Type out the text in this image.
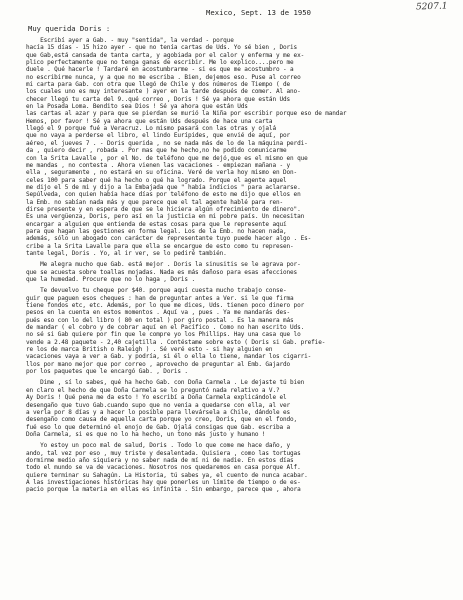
5207.1
Mexico, Sept. 13 de 1950
Muy querida Doris :
Escribí ayer a Gab. - muy "sentida", la verdad - porque
hacía 15 días - 15 hizo ayer - que no tenía cartas de Uds. Yo sé bien , Doris
que Gab,está cansada de tanta carta, y agobiada por el calor y enferma y me ex-
plico perfectamente que no tenga ganas de escribir. Me lo explico....pero me
duele . Qué hacerle ! Tardaré en acostumbrarme - si es que me acostumbro - a
no escribirme nunca, y a que no me escriba . Bien, dejemos eso. Puse al correo
mi carta para Gab. con otra que llegó de Chile y dos números de Tiempo ( de
los cuales uno es muy interesante ) ayer en la tarde después de comer. Al ano-
checer llegó tu carta del 9..qué correo , Doris ! Sé ya ahora que están Uds
en la Posada Loma. Bendito sea Dios ! Sé ya ahora que están Uds
las cartas al azar y para que se pierdan se murió la Niña por escribir porque eso de mandar
Hemos, por favor ! Sé ya ahora que están Uds después de hace una carta
llegó el 9 porque fué a Veracruz. Lo mismo pasará con las otras y ojalá
que no vaya a perderse el libro, el lindo Eurípides, que envié de aquí, por
aéreo, el jueves 7 . - Doris querida , no se nada más de lo de la máquina perdi-
da , quiero decir , robada . Por mas que he hecho,no he podido comunicarme
con la Srita Lavalle , por el No. de teléfono que me dejó,que es el mismo en que
me mandas , no contesta . Ahora vienen las vacaciones - empiezan mañana - y
ella , seguramente , no estará en su oficina. Veré de verla hoy mismo en Don-
celes 100 para saber qué ha hecho o qué ha logrado. Porque el agente aquel
me dijo el 5 de mi y dijo a la Embajada que " había indicios " para aclararse.
Sepúlveda, con quien había hace días por teléfono de esto me dijo que ellos en
la Emb. no sabían nada más y que parece que el tal agente hablé para ren-
dirse presente y en espera de que se le hiciera algún ofrecimiento de dinero".
Es una vergüenza, Doris, pero así en la justicia en mi pobre país. Un necesitan
encargar a alguien que entienda de estas cosas para que le represente aquí
para que hagan las gestiones en forma legal. Los de la Emb. no hacen nada,
además, sólo un abogado con carácter de representante tuyo puede hacer algo . Es-
cribe a la Srita Lavalle para que ella se encargue de esto como tu represen-
tante legal, Doris . Yo, al ir ver, se lo pediré también.
Me alegra mucho que Gab. está mejor . Doris la sinusitis se le agrava por-
que se acuesta sobre toallas mojadas. Nada es más dañoso para esas afecciones
que la humedad. Procure que no lo haga , Doris .
Te devuelvo tu cheque por $40. porque aquí cuesta mucho trabajo conse-
guir que paguen esos cheques : han de preguntar antes a Ver. si le que firma
tiene fondos etc, etc. Además, por lo que me dices, Uds. tienen poco dinero por
pesos en la cuenta en estos momentos . Aquí va , pues . Ya me mandarás des-
pués eso con lo del libro ( 80 en total ) por giro postal . Es la manera más
de mandar ( el cobro y de cobrar aquí en el Pacífico . Como no han escrito Uds.
no sé si Gab quiere por fin que le compre yo los Phillips. Hay una casa que lo
vende a 2.48 paquete - 2,40 cajetilla . Contéstame sobre esto ( Doris si Gab. prefie-
re los de marca British o Raleigh ) . Sé veré esto - si hay alguien en
vacaciones vaya a ver a Gab. y podría, si él o ella lo tiene, mandar los cigarri-
llos por mano mejor que por correo , aprovecho de preguntar al Emb. Gajardo
por los paquetes que le encargó Gab. , Doris .
Dime , sí lo sabes, qué ha hecho Gab. con Doña Carmela . Le dejaste tú bien
en claro el hecho de que Doña Carmela se lo preguntó nada relativo a V.?
Ay Doris ! Qué pena me da esto ! Yo escribí a Doña Carmela explicándole el
desengaño que tuvo Gab.cuando supo que no venía a quedarse con ella, al ver
a verla por 8 días y a hacer lo posible para llevársela a Chile, dándole es
desengaño como causa de aquella carta porque yo creo, Doris, que en el fondo,
fué eso lo que determinó el enojo de Gab. Ojalá consigas que Gab. escriba a
Doña Carmela, si es que no lo ha hecho, un tono más justo y humano !
Yo estoy un poco mal de salud, Doris . Todo lo que come me hace daño, y
ando, tal vez por eso , muy triste y desalentada. Quisiera , como las tortugas
dormirme medio año siquiera y no saber nada de mí ni de nadie. En estos días
todo el mundo se va de vacaciones. Nosotros nos quedaremos en casa porque Alf.
quiere terminar su Sahagún. La Historia, tú sabes ya, el cuento de nunca acabar.
A las investigaciones históricas hay que ponerles un límite de tiempo o de es-
pacio porque la materia en ellas es infinita . Sin embargo, parece que , ahora
